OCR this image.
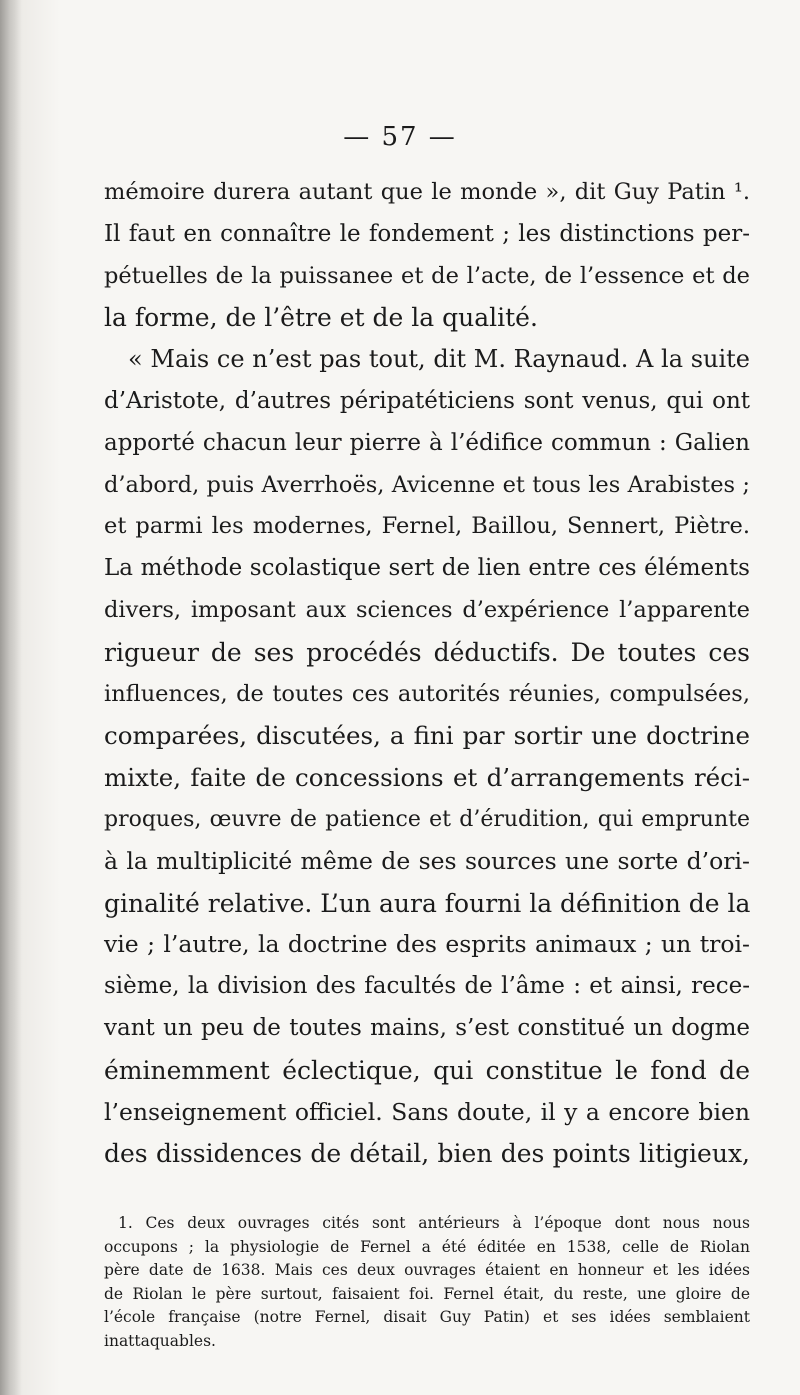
— 57 —
mémoire durera autant que le monde », dit Guy Patin ¹.
Il faut en connaître le fondement ; les distinctions per-
pétuelles de la puissanee et de l’acte, de l’essence et de
la forme, de l’être et de la qualité.
« Mais ce n’est pas tout, dit M. Raynaud. A la suite
d’Aristote, d’autres péripatéticiens sont venus, qui ont
apporté chacun leur pierre à l’édifice commun : Galien
d’abord, puis Averrhoës, Avicenne et tous les Arabistes ;
et parmi les modernes, Fernel, Baillou, Sennert, Piètre.
La méthode scolastique sert de lien entre ces éléments
divers, imposant aux sciences d’expérience l’apparente
rigueur de ses procédés déductifs. De toutes ces
influences, de toutes ces autorités réunies, compulsées,
comparées, discutées, a fini par sortir une doctrine
mixte, faite de concessions et d’arrangements réci-
proques, œuvre de patience et d’érudition, qui emprunte
à la multiplicité même de ses sources une sorte d’ori-
ginalité relative. L’un aura fourni la définition de la
vie ; l’autre, la doctrine des esprits animaux ; un troi-
sième, la division des facultés de l’âme : et ainsi, rece-
vant un peu de toutes mains, s’est constitué un dogme
éminemment éclectique, qui constitue le fond de
l’enseignement officiel. Sans doute, il y a encore bien
des dissidences de détail, bien des points litigieux,
1. Ces deux ouvrages cités sont antérieurs à l’époque dont nous nous
occupons ; la physiologie de Fernel a été éditée en 1538, celle de Riolan
père date de 1638. Mais ces deux ouvrages étaient en honneur et les idées
de Riolan le père surtout, faisaient foi. Fernel était, du reste, une gloire de
l’école française (notre Fernel, disait Guy Patin) et ses idées semblaient
inattaquables.
